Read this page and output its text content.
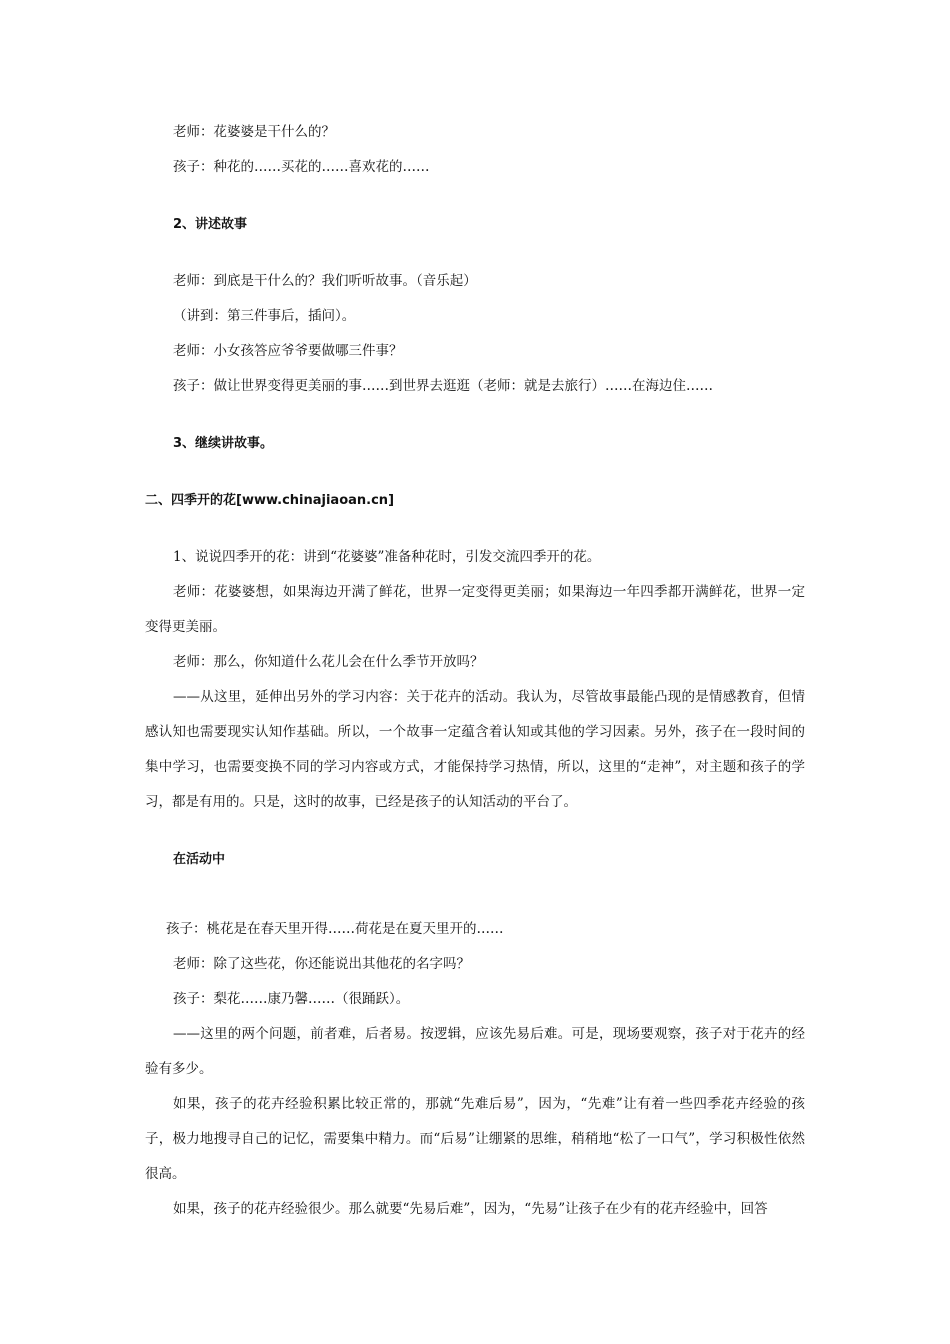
老师：花婆婆是干什么的？
孩子：种花的……买花的……喜欢花的……
2、讲述故事
老师：到底是干什么的？我们听听故事。（音乐起）
（讲到：第三件事后，插问）。
老师：小女孩答应爷爷要做哪三件事？
孩子：做让世界变得更美丽的事……到世界去逛逛（老师：就是去旅行）……在海边住……
3、继续讲故事。
二、四季开的花[www.chinajiaoan.cn]
1、说说四季开的花：讲到“花婆婆”准备种花时，引发交流四季开的花。
老师：花婆婆想，如果海边开满了鲜花，世界一定变得更美丽；如果海边一年四季都开满鲜花，世界一定变得更美丽。
老师：那么，你知道什么花儿会在什么季节开放吗？
——从这里，延伸出另外的学习内容：关于花卉的活动。我认为，尽管故事最能凸现的是情感教育，但情感认知也需要现实认知作基础。所以，一个故事一定蕴含着认知或其他的学习因素。另外，孩子在一段时间的集中学习，也需要变换不同的学习内容或方式，才能保持学习热情，所以，这里的“走神”，对主题和孩子的学习，都是有用的。只是，这时的故事，已经是孩子的认知活动的平台了。
在活动中
孩子：桃花是在春天里开得……荷花是在夏天里开的……
老师：除了这些花，你还能说出其他花的名字吗？
孩子：梨花……康乃馨……（很踊跃）。
——这里的两个问题，前者难，后者易。按逻辑，应该先易后难。可是，现场要观察，孩子对于花卉的经验有多少。
如果，孩子的花卉经验积累比较正常的，那就“先难后易”，因为，“先难”让有着一些四季花卉经验的孩子，极力地搜寻自己的记忆，需要集中精力。而“后易”让绷紧的思维，稍稍地“松了一口气”，学习积极性依然很高。
如果，孩子的花卉经验很少。那么就要“先易后难”，因为，“先易”让孩子在少有的花卉经验中，回答
